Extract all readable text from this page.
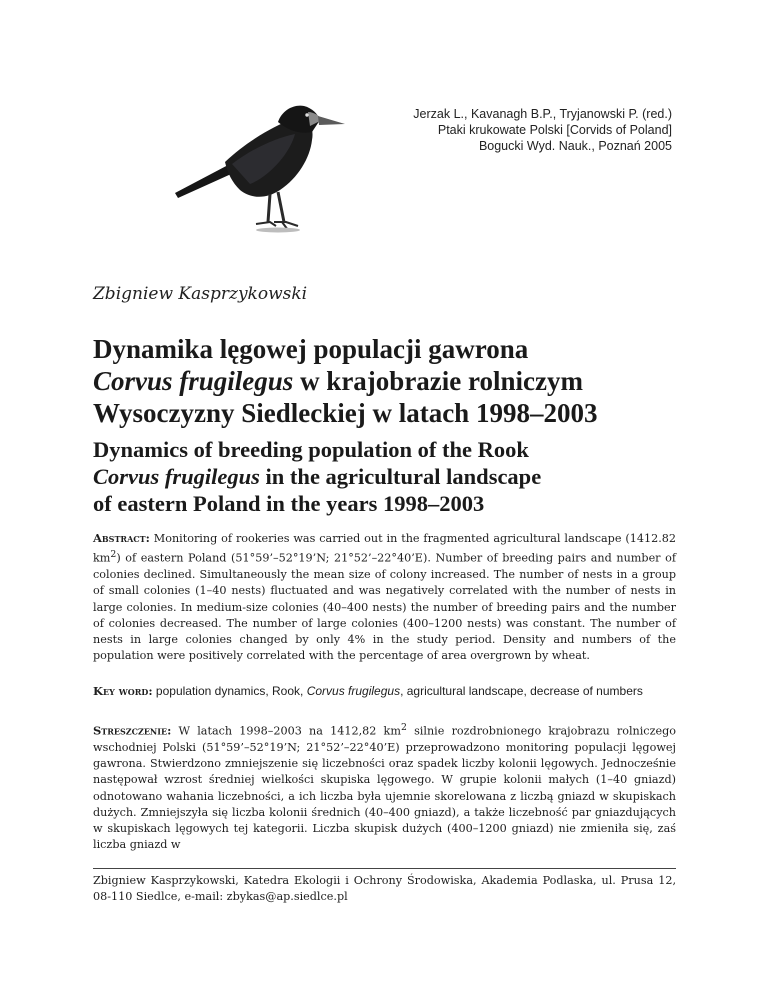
Jerzak L., Kavanagh B.P., Tryjanowski P. (red.)
Ptaki krukowate Polski [Corvids of Poland]
Bogucki Wyd. Nauk., Poznań 2005
Zbigniew Kasprzykowski
Dynamika lęgowej populacji gawrona
Corvus frugilegus w krajobrazie rolniczym
Wysoczyzny Siedleckiej w latach 1998–2003
Dynamics of breeding population of the Rook
Corvus frugilegus in the agricultural landscape
of eastern Poland in the years 1998–2003
Abstract: Monitoring of rookeries was carried out in the fragmented agricultural landscape (1412.82 $km^2$) of eastern Poland (51°59’–52°19’N; 21°52’–22°40’E). Number of breeding pairs and number of colonies declined. Simultaneously the mean size of colony increased. The number of nests in a group of small colonies (1–40 nests) fluctuated and was negatively correlated with the number of nests in large colonies. In medium-size colonies (40–400 nests) the number of breeding pairs and the number of colonies decreased. The number of large colonies (400–1200 nests) was constant. The number of nests in large colonies changed by only 4% in the study period. Density and numbers of the population were positively correlated with the percentage of area overgrown by wheat.
Key word: population dynamics, Rook, Corvus frugilegus, agricultural landscape, decrease of numbers
Streszczenie: W latach 1998–2003 na 1412,82 $km^2$ silnie rozdrobnionego krajobrazu rolniczego wschodniej Polski (51°59’–52°19’N; 21°52’–22°40’E) przeprowadzono monitoring populacji lęgowej gawrona. Stwierdzono zmniejszenie się liczebności oraz spadek liczby kolonii lęgowych. Jednocześnie następował wzrost średniej wielkości skupiska lęgowego. W grupie kolonii małych (1–40 gniazd) odnotowano wahania liczebności, a ich liczba była ujemnie skorelowana z liczbą gniazd w skupiskach dużych. Zmniejszyła się liczba kolonii średnich (40–400 gniazd), a także liczebność par gniazdujących w skupiskach lęgowych tej kategorii. Liczba skupisk dużych (400–1200 gniazd) nie zmieniła się, zaś liczba gniazd w
Zbigniew Kasprzykowski, Katedra Ekologii i Ochrony Środowiska, Akademia Podlaska, ul. Prusa 12, 08-110 Siedlce, e-mail: zbykas@ap.siedlce.pl
